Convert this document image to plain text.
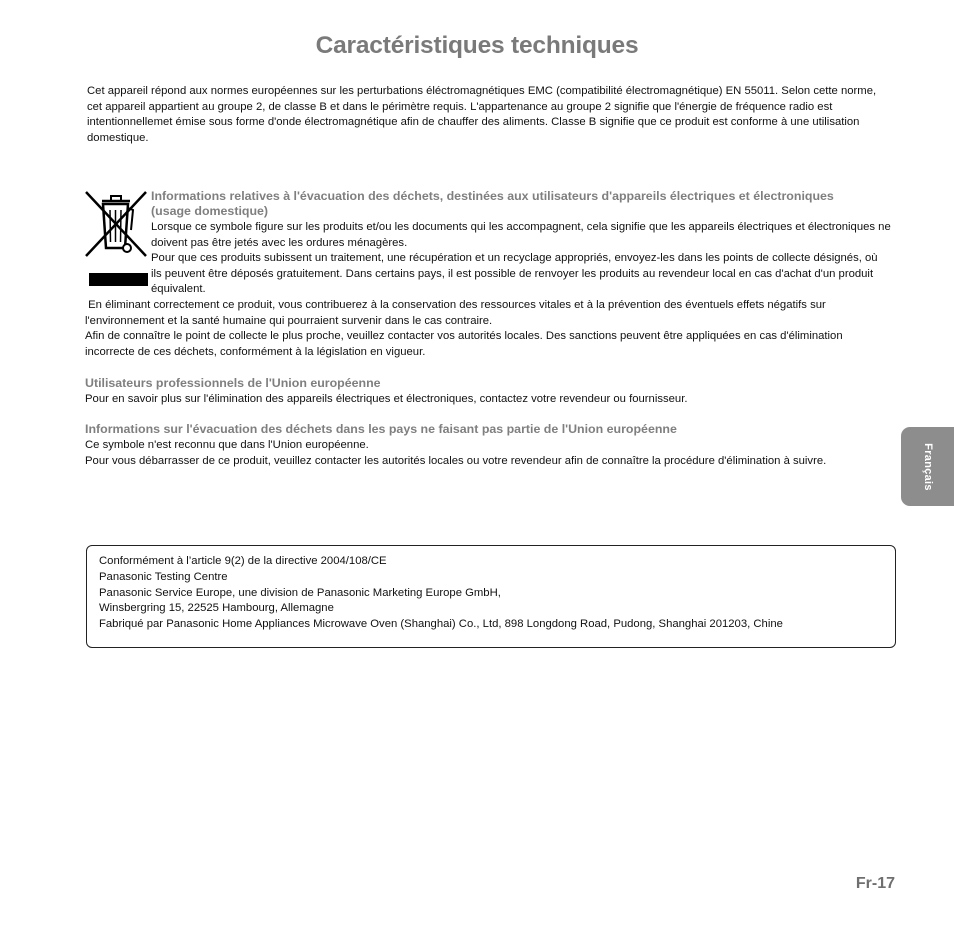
Caractéristiques techniques
Cet appareil répond aux normes européennes sur les perturbations éléctromagnétiques EMC (compatibilité électromagnétique) EN 55011. Selon cette norme, cet appareil appartient au groupe 2, de classe B et dans le périmètre requis. L'appartenance au groupe 2 signifie que l'énergie de fréquence radio est intentionnellemet émise sous forme d'onde électromagnétique afin de chauffer des aliments. Classe B signifie que ce produit est conforme à une utilisation domestique.
Informations relatives à l'évacuation des déchets, destinées aux utilisateurs d'appareils électriques et électroniques (usage domestique)
Lorsque ce symbole figure sur les produits et/ou les documents qui les accompagnent, cela signifie que les appareils électriques et électroniques ne doivent pas être jetés avec les ordures ménagères.
Pour que ces produits subissent un traitement, une récupération et un recyclage appropriés, envoyez-les dans les points de collecte désignés, où ils peuvent être déposés gratuitement. Dans certains pays, il est possible de renvoyer les produits au revendeur local en cas d'achat d'un produit équivalent.
En éliminant correctement ce produit, vous contribuerez à la conservation des ressources vitales et à la prévention des éventuels effets négatifs sur l'environnement et la santé humaine qui pourraient survenir dans le cas contraire.
Afin de connaître le point de collecte le plus proche, veuillez contacter vos autorités locales. Des sanctions peuvent être appliquées en cas d'élimination incorrecte de ces déchets, conformément à la législation en vigueur.
Utilisateurs professionnels de l'Union européenne
Pour en savoir plus sur l'élimination des appareils électriques et électroniques, contactez votre revendeur ou fournisseur.
Informations sur l'évacuation des déchets dans les pays ne faisant pas partie de l'Union européenne
Ce symbole n'est reconnu que dans l'Union européenne.
Pour vous débarrasser de ce produit, veuillez contacter les autorités locales ou votre revendeur afin de connaître la procédure d'élimination à suivre.
Conformément à l’article 9(2) de la directive 2004/108/CE
Panasonic Testing Centre
Panasonic Service Europe, une division de Panasonic Marketing Europe GmbH,
Winsbergring 15, 22525 Hambourg, Allemagne
Fabriqué par Panasonic Home Appliances Microwave Oven (Shanghai) Co., Ltd, 898 Longdong Road, Pudong, Shanghai 201203, Chine
Français
Fr-17
